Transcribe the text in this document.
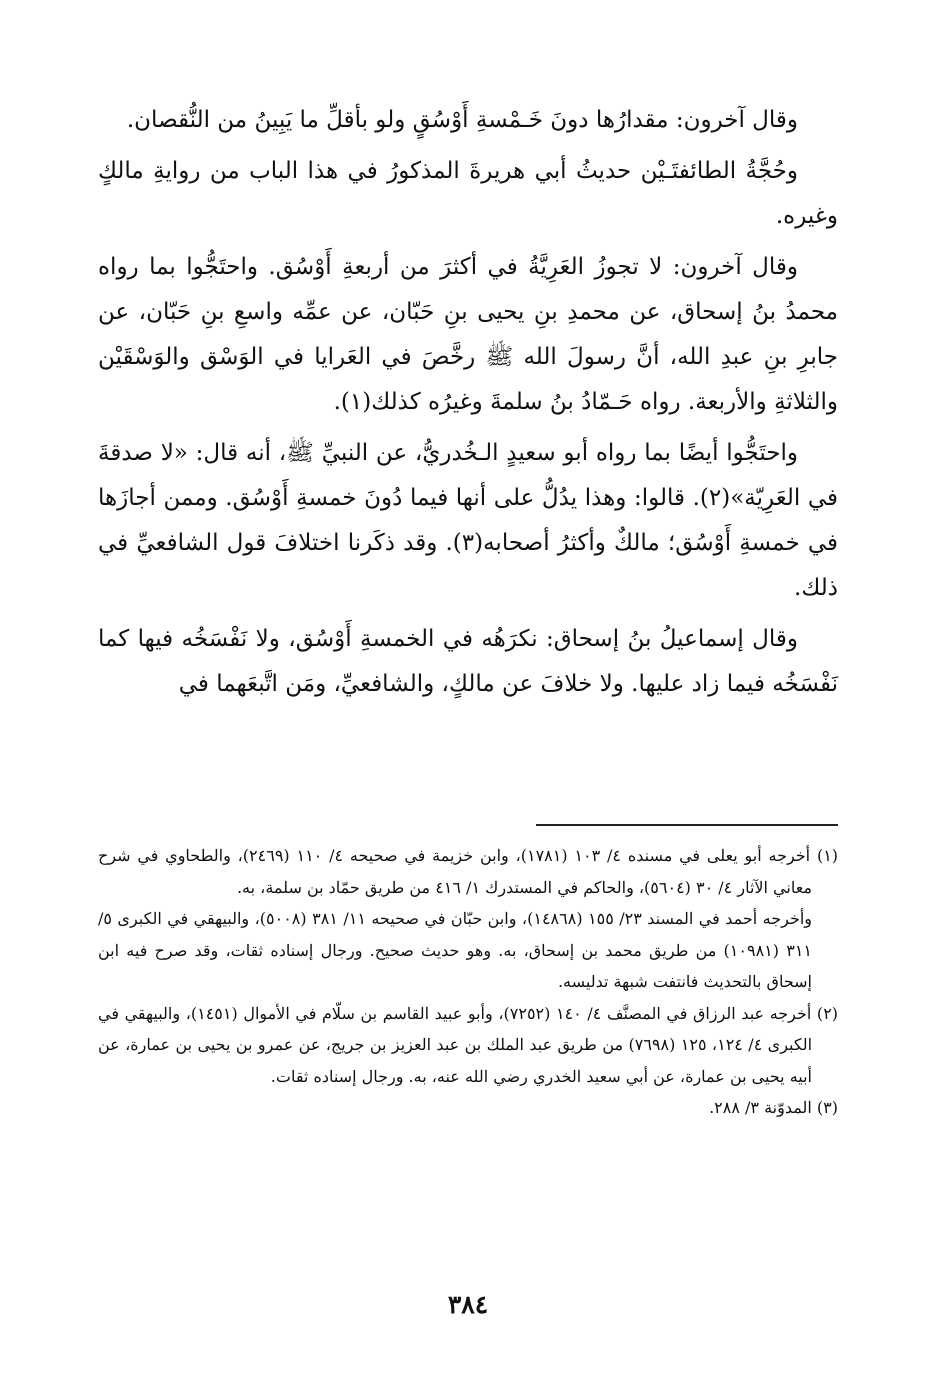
وقال آخرون: مقدارُها دونَ خَـمْسةِ أَوْسُقٍ ولو بأقلِّ ما يَبِينُ من النُّقصان.

وحُجَّةُ الطائفتَـيْن حديثُ أبي هريرةَ المذكورُ في هذا الباب من روايةِ مالكٍ وغيره.

وقال آخرون: لا تجوزُ العَرِيَّةُ في أكثرَ من أربعةِ أَوْسُق. واحتَجُّوا بما رواه محمدُ بنُ إسحاق، عن محمدِ بنِ يحيى بنِ حَبّان، عن عمِّه واسعِ بنِ حَبّان، عن جابرِ بنِ عبدِ الله، أنَّ رسولَ الله ﷺ رخَّصَ في العَرايا في الوَسْق والوَسْقَيْن والثلاثةِ والأربعة. رواه حَـمّادُ بنُ سلمةَ وغيرُه كذلك(١).

واحتَجُّوا أيضًا بما رواه أبو سعيدٍ الـخُدريُّ، عن النبيِّ ﷺ، أنه قال: «لا صدقةَ في العَرِيّة»(٢). قالوا: وهذا يدُلُّ على أنها فيما دُونَ خمسةِ أَوْسُق. وممن أجازَها في خمسةِ أَوْسُق؛ مالكٌ وأكثرُ أصحابه(٣). وقد ذكَرنا اختلافَ قول الشافعيِّ في ذلك.

وقال إسماعيلُ بنُ إسحاق: نكرَهُه في الخمسةِ أَوْسُق، ولا نَفْسَخُه فيها كما نَفْسَخُه فيما زاد عليها. ولا خلافَ عن مالكٍ، والشافعيِّ، ومَن اتَّبعَهما في

(١) أخرجه أبو يعلى في مسنده ٤/ ١٠٣ (١٧٨١)، وابن خزيمة في صحيحه ٤/ ١١٠ (٢٤٦٩)، والطحاوي في شرح معاني الآثار ٤/ ٣٠ (٥٦٠٤)، والحاكم في المستدرك ١/ ٤١٦ من طريق حمّاد بن سلمة، به.

وأخرجه أحمد في المسند ٢٣/ ١٥٥ (١٤٨٦٨)، وابن حبّان في صحيحه ١١/ ٣٨١ (٥٠٠٨)، والبيهقي في الكبرى ٥/ ٣١١ (١٠٩٨١) من طريق محمد بن إسحاق، به. وهو حديث صحيح. ورجال إسناده ثقات، وقد صرح فيه ابن إسحاق بالتحديث فانتفت شبهة تدليسه.

(٢) أخرجه عبد الرزاق في المصنَّف ٤/ ١٤٠ (٧٢٥٢)، وأبو عبيد القاسم بن سلّام في الأموال (١٤٥١)، والبيهقي في الكبرى ٤/ ١٢٤، ١٢٥ (٧٦٩٨) من طريق عبد الملك بن عبد العزيز بن جريج، عن عمرو بن يحيى بن عمارة، عن أبيه يحيى بن عمارة، عن أبي سعيد الخدري رضي الله عنه، به. ورجال إسناده ثقات.

(٣) المدوّنة ٣/ ٢٨٨.

٣٨٤
